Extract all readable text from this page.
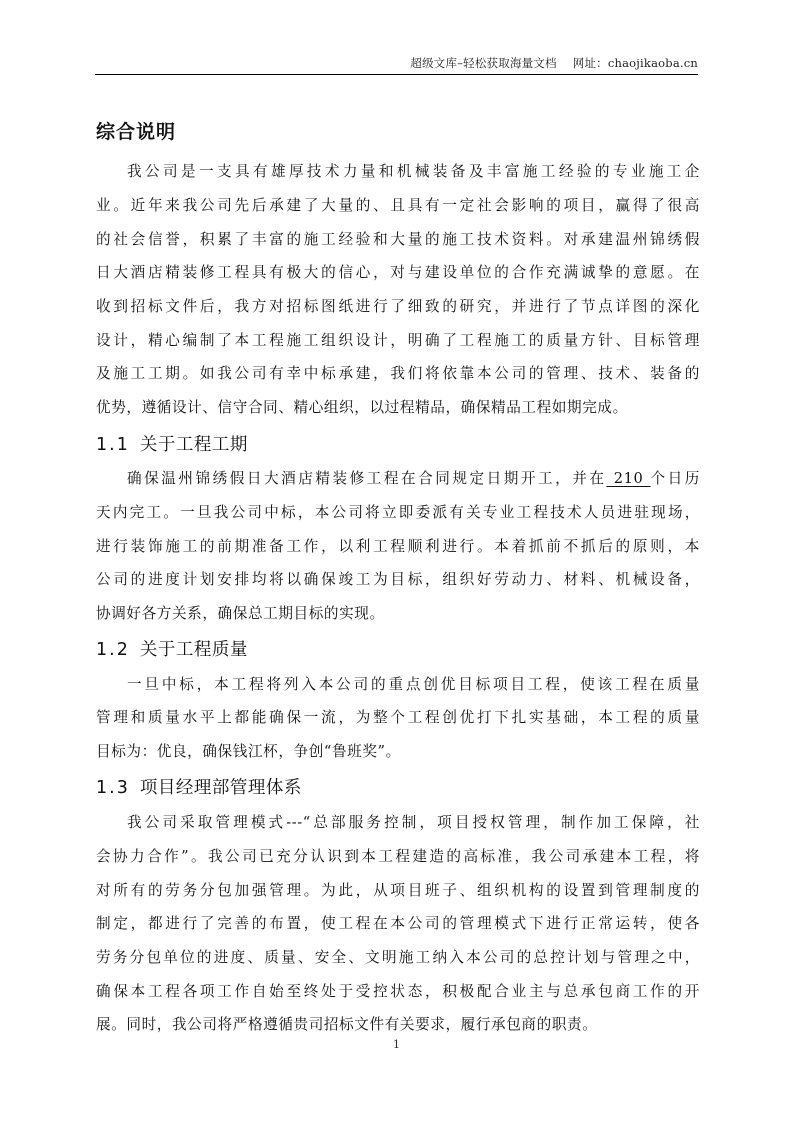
超级文库–轻松获取海量文档 网址：chaojikaoba.cn
综合说明
我公司是一支具有雄厚技术力量和机械装备及丰富施工经验的专业施工企
业。近年来我公司先后承建了大量的、且具有一定社会影响的项目，赢得了很高
的社会信誉，积累了丰富的施工经验和大量的施工技术资料。对承建温州锦绣假
日大酒店精装修工程具有极大的信心，对与建设单位的合作充满诚挚的意愿。在
收到招标文件后，我方对招标图纸进行了细致的研究，并进行了节点详图的深化
设计，精心编制了本工程施工组织设计，明确了工程施工的质量方针、目标管理
及施工工期。如我公司有幸中标承建，我们将依靠本公司的管理、技术、装备的
优势，遵循设计、信守合同、精心组织，以过程精品，确保精品工程如期完成。
1.1 关于工程工期
确保温州锦绣假日大酒店精装修工程在合同规定日期开工，并在 210 个日历
天内完工。一旦我公司中标，本公司将立即委派有关专业工程技术人员进驻现场，
进行装饰施工的前期准备工作，以利工程顺利进行。本着抓前不抓后的原则，本
公司的进度计划安排均将以确保竣工为目标，组织好劳动力、材料、机械设备，
协调好各方关系，确保总工期目标的实现。
1.2 关于工程质量
一旦中标，本工程将列入本公司的重点创优目标项目工程，使该工程在质量
管理和质量水平上都能确保一流，为整个工程创优打下扎实基础，本工程的质量
目标为：优良，确保钱江杯，争创“鲁班奖”。
1.3 项目经理部管理体系
我公司采取管理模式---“总部服务控制，项目授权管理，制作加工保障，社
会协力合作”。我公司已充分认识到本工程建造的高标准，我公司承建本工程，将
对所有的劳务分包加强管理。为此，从项目班子、组织机构的设置到管理制度的
制定，都进行了完善的布置，使工程在本公司的管理模式下进行正常运转，使各
劳务分包单位的进度、质量、安全、文明施工纳入本公司的总控计划与管理之中，
确保本工程各项工作自始至终处于受控状态，积极配合业主与总承包商工作的开
展。同时，我公司将严格遵循贵司招标文件有关要求，履行承包商的职责。
1
